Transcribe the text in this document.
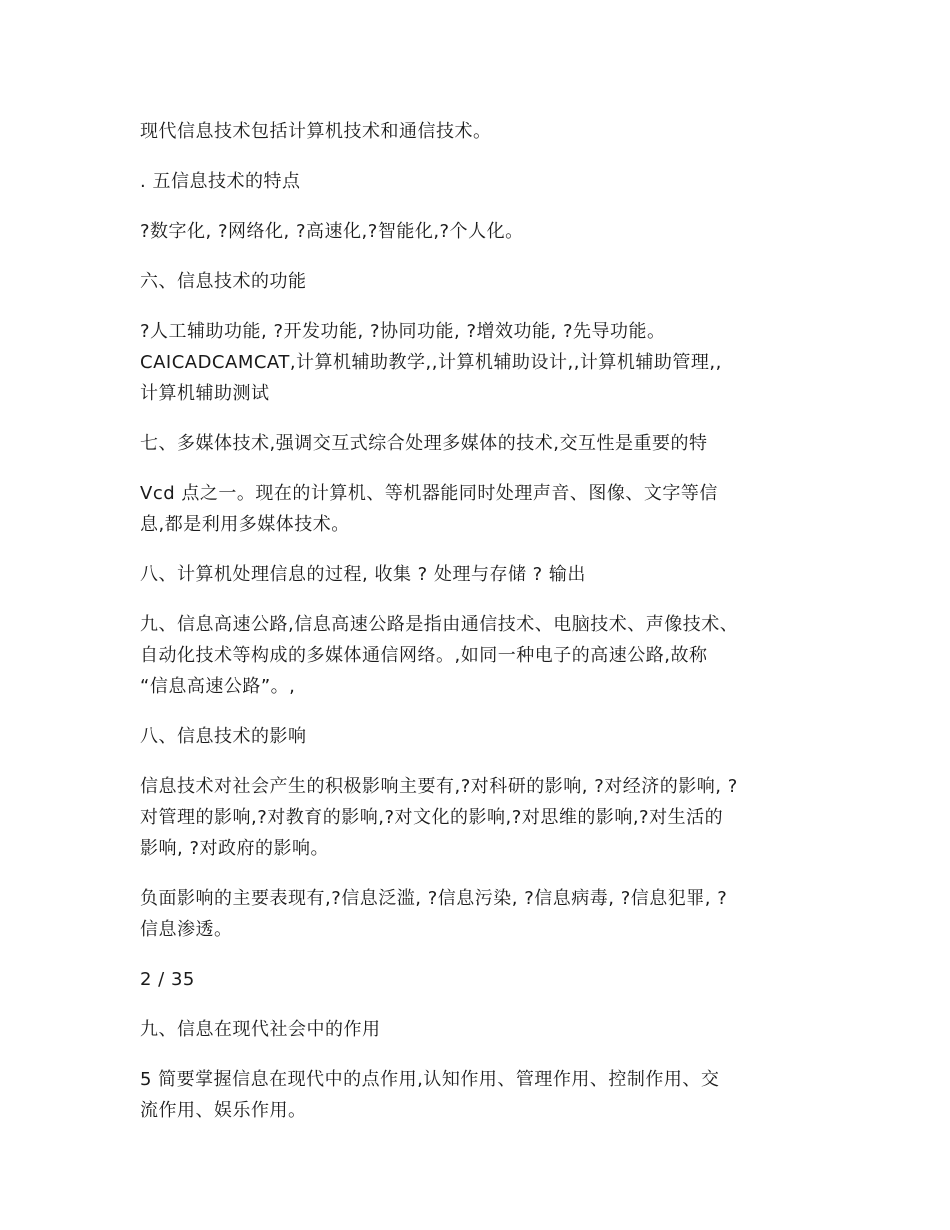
现代信息技术包括计算机技术和通信技术。

. 五信息技术的特点

?数字化, ?网络化, ?高速化,?智能化,?个人化。

六、信息技术的功能

?人工辅助功能, ?开发功能, ?协同功能, ?增效功能, ?先导功能。
CAICADCAMCAT,计算机辅助教学,,计算机辅助设计,,计算机辅助管理,,
计算机辅助测试

七、多媒体技术,强调交互式综合处理多媒体的技术,交互性是重要的特

Vcd 点之一。现在的计算机、等机器能同时处理声音、图像、文字等信
息,都是利用多媒体技术。

八、计算机处理信息的过程, 收集 ? 处理与存储 ? 输出

九、信息高速公路,信息高速公路是指由通信技术、电脑技术、声像技术、
自动化技术等构成的多媒体通信网络。,如同一种电子的高速公路,故称
“信息高速公路”。,

八、信息技术的影响

信息技术对社会产生的积极影响主要有,?对科研的影响, ?对经济的影响, ?
对管理的影响,?对教育的影响,?对文化的影响,?对思维的影响,?对生活的
影响, ?对政府的影响。

负面影响的主要表现有,?信息泛滥, ?信息污染, ?信息病毒, ?信息犯罪, ?
信息渗透。

2 / 35

九、信息在现代社会中的作用

5 简要掌握信息在现代中的点作用,认知作用、管理作用、控制作用、交
流作用、娱乐作用。
